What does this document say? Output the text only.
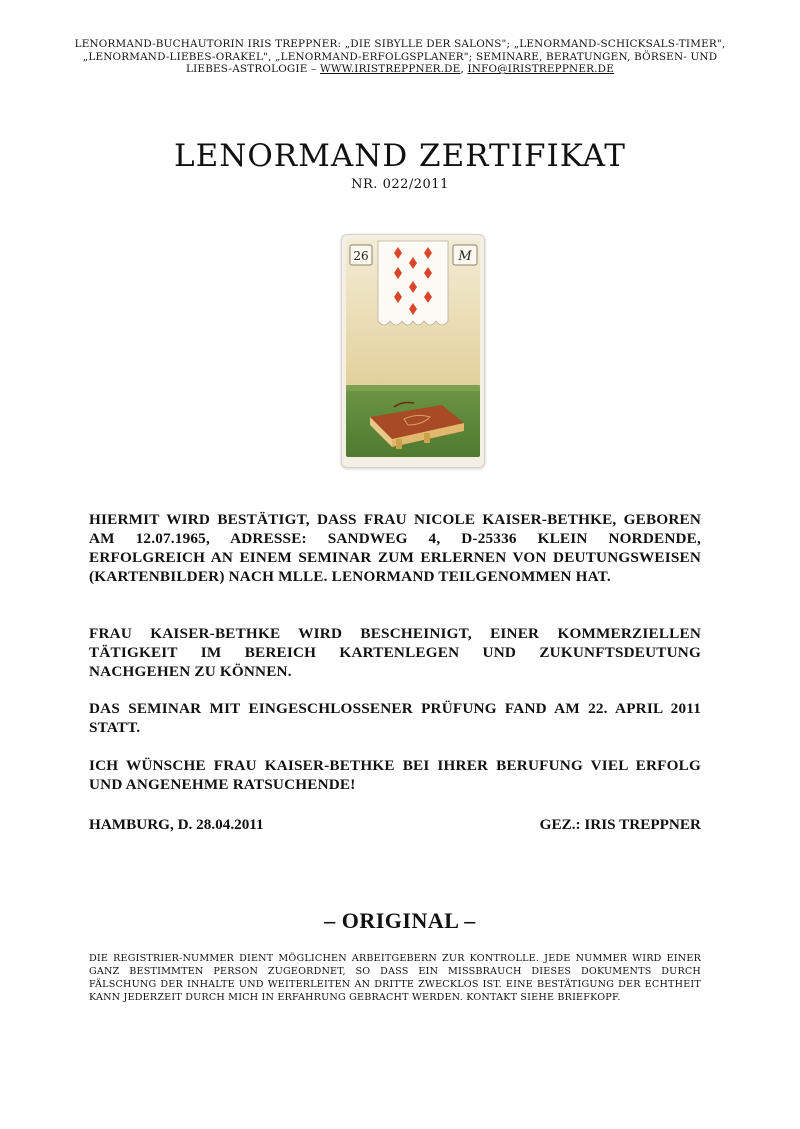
LENORMAND-BUCHAUTORIN IRIS TREPPNER: „DIE SIBYLLE DER SALONS"; „LENORMAND-SCHICKSALS-TIMER", „LENORMAND-LIEBES-ORAKEL", „LENORMAND-ERFOLGSPLANER"; SEMINARE, BERATUNGEN, BÖRSEN- UND LIEBES-ASTROLOGIE – WWW.IRISTREPPNER.DE, INFO@IRISTREPPNER.DE
LENORMAND ZERTIFIKAT
NR. 022/2011
26	M

HIERMIT WIRD BESTÄTIGT, DASS FRAU NICOLE KAISER-BETHKE, GEBOREN AM 12.07.1965, ADRESSE: SANDWEG 4, D-25336 KLEIN NORDENDE, ERFOLGREICH AN EINEM SEMINAR ZUM ERLERNEN VON DEUTUNGSWEISEN (KARTENBILDER) NACH MLLE. LENORMAND TEILGENOMMEN HAT.

FRAU KAISER-BETHKE WIRD BESCHEINIGT, EINER KOMMERZIELLEN TÄTIGKEIT IM BEREICH KARTENLEGEN UND ZUKUNFTSDEUTUNG NACHGEHEN ZU KÖNNEN.

DAS SEMINAR MIT EINGESCHLOSSENER PRÜFUNG FAND AM 22. APRIL 2011 STATT.

ICH WÜNSCHE FRAU KAISER-BETHKE BEI IHRER BERUFUNG VIEL ERFOLG UND ANGENEHME RATSUCHENDE!

HAMBURG, D. 28.04.2011	GEZ.: IRIS TREPPNER
– ORIGINAL –

DIE REGISTRIER-NUMMER DIENT MÖGLICHEN ARBEITGEBERN ZUR KONTROLLE. JEDE NUMMER WIRD EINER GANZ BESTIMMTEN PERSON ZUGEORDNET, SO DASS EIN MISSBRAUCH DIESES DOKUMENTS DURCH FÄLSCHUNG DER INHALTE UND WEITERLEITEN AN DRITTE ZWECKLOS IST. EINE BESTÄTIGUNG DER ECHTHEIT KANN JEDERZEIT DURCH MICH IN ERFAHRUNG GEBRACHT WERDEN. KONTAKT SIEHE BRIEFKOPF.
